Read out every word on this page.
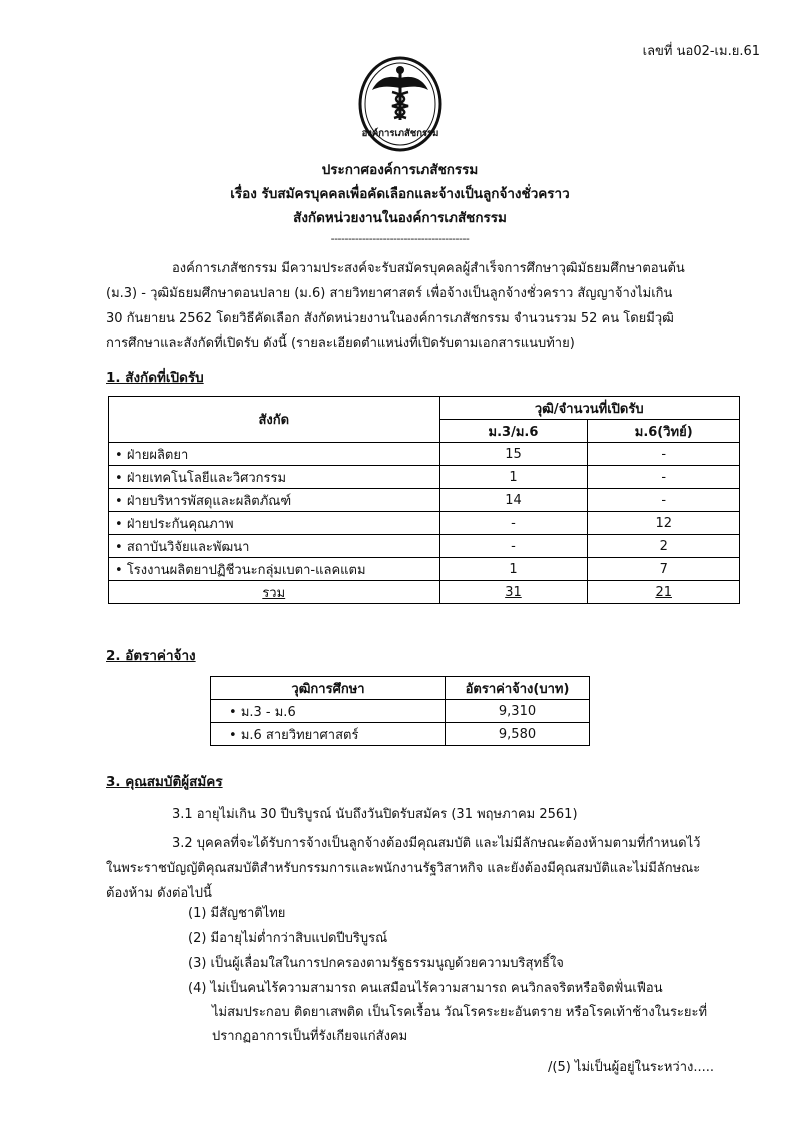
เลขที่ นอ02-เม.ย.61
องค์การเภสัชกรรม
ประกาศองค์การเภสัชกรรม
เรื่อง รับสมัครบุคคลเพื่อคัดเลือกและจ้างเป็นลูกจ้างชั่วคราว
สังกัดหน่วยงานในองค์การเภสัชกรรม
----------------------------------------
องค์การเภสัชกรรม มีความประสงค์จะรับสมัครบุคคลผู้สำเร็จการศึกษาวุฒิมัธยมศึกษาตอนต้น
(ม.3) - วุฒิมัธยมศึกษาตอนปลาย (ม.6) สายวิทยาศาสตร์ เพื่อจ้างเป็นลูกจ้างชั่วคราว สัญญาจ้างไม่เกิน
30 กันยายน 2562 โดยวิธีคัดเลือก สังกัดหน่วยงานในองค์การเภสัชกรรม จำนวนรวม 52 คน โดยมีวุฒิ
การศึกษาและสังกัดที่เปิดรับ ดังนี้ (รายละเอียดตำแหน่งที่เปิดรับตามเอกสารแนบท้าย)
1. สังกัดที่เปิดรับ
สังกัด	วุฒิ/จำนวนที่เปิดรับ	
	ม.3/ม.6	ม.6(วิทย์)
• ฝ่ายผลิตยา	15	-
• ฝ่ายเทคโนโลยีและวิศวกรรม	1	-
• ฝ่ายบริหารพัสดุและผลิตภัณฑ์	14	-
• ฝ่ายประกันคุณภาพ	-	12
• สถาบันวิจัยและพัฒนา	-	2
• โรงงานผลิตยาปฏิชีวนะกลุ่มเบตา-แลคแตม	1	7
รวม	31	21
2. อัตราค่าจ้าง
วุฒิการศึกษา	อัตราค่าจ้าง(บาท)
• ม.3 - ม.6	9,310
• ม.6 สายวิทยาศาสตร์	9,580
3. คุณสมบัติผู้สมัคร
3.1 อายุไม่เกิน 30 ปีบริบูรณ์ นับถึงวันปิดรับสมัคร (31 พฤษภาคม 2561)
3.2 บุคคลที่จะได้รับการจ้างเป็นลูกจ้างต้องมีคุณสมบัติ และไม่มีลักษณะต้องห้ามตามที่กำหนดไว้
ในพระราชบัญญัติคุณสมบัติสำหรับกรรมการและพนักงานรัฐวิสาหกิจ และยังต้องมีคุณสมบัติและไม่มีลักษณะ
ต้องห้าม ดังต่อไปนี้
(1) มีสัญชาติไทย
(2) มีอายุไม่ต่ำกว่าสิบแปดปีบริบูรณ์
(3) เป็นผู้เลื่อมใสในการปกครองตามรัฐธรรมนูญด้วยความบริสุทธิ์ใจ
(4) ไม่เป็นคนไร้ความสามารถ คนเสมือนไร้ความสามารถ คนวิกลจริตหรือจิตฟั่นเฟือน
ไม่สมประกอบ ติดยาเสพติด เป็นโรคเรื้อน วัณโรคระยะอันตราย หรือโรคเท้าช้างในระยะที่
ปรากฏอาการเป็นที่รังเกียจแก่สังคม
/(5) ไม่เป็นผู้อยู่ในระหว่าง.....
